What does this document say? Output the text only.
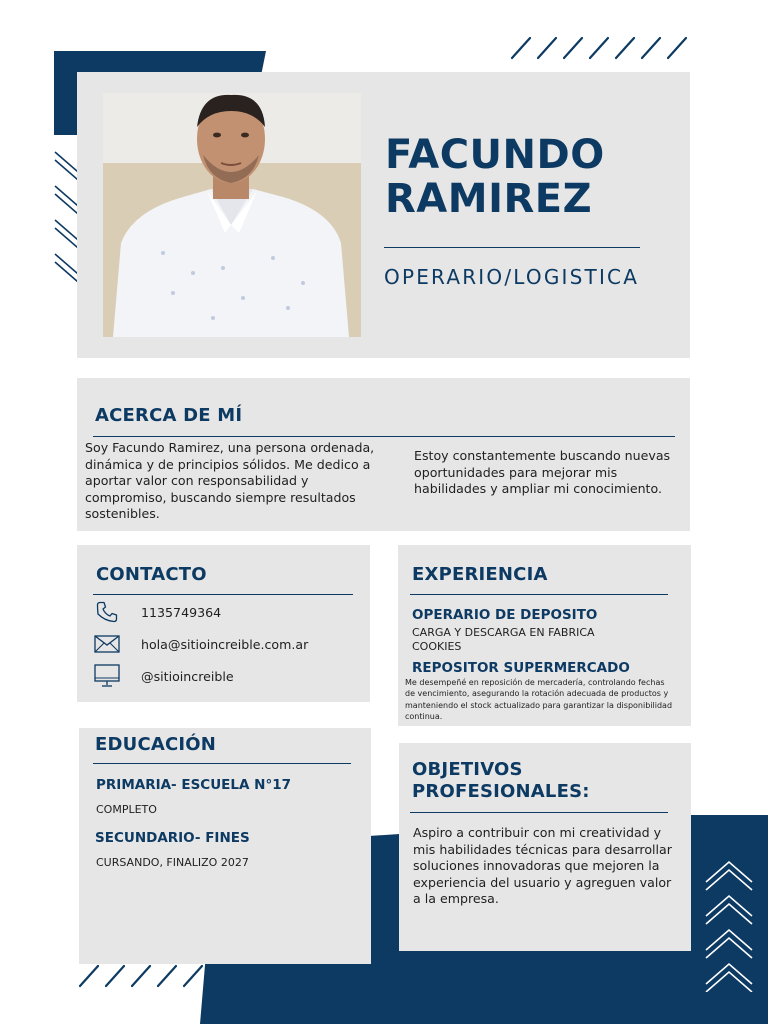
FACUNDO
RAMIREZ
OPERARIO/LOGISTICA
ACERCA DE MÍ
Soy Facundo Ramirez, una persona ordenada, dinámica y de principios sólidos. Me dedico a aportar valor con responsabilidad y compromiso, buscando siempre resultados sostenibles.
Estoy constantemente buscando nuevas oportunidades para mejorar mis habilidades y ampliar mi conocimiento.
CONTACTO
1135749364
hola@sitioincreible.com.ar
@sitioincreible
EXPERIENCIA
OPERARIO DE DEPOSITO
CARGA Y DESCARGA EN FABRICA
COOKIES
REPOSITOR SUPERMERCADO
Me desempeñé en reposición de mercadería, controlando fechas de vencimiento, asegurando la rotación adecuada de productos y manteniendo el stock actualizado para garantizar la disponibilidad continua.
EDUCACIÓN
PRIMARIA- ESCUELA N°17
COMPLETO
SECUNDARIO- FINES
CURSANDO, FINALIZO 2027
OBJETIVOS
PROFESIONALES:
Aspiro a contribuir con mi creatividad y mis habilidades técnicas para desarrollar soluciones innovadoras que mejoren la experiencia del usuario y agreguen valor a la empresa.
